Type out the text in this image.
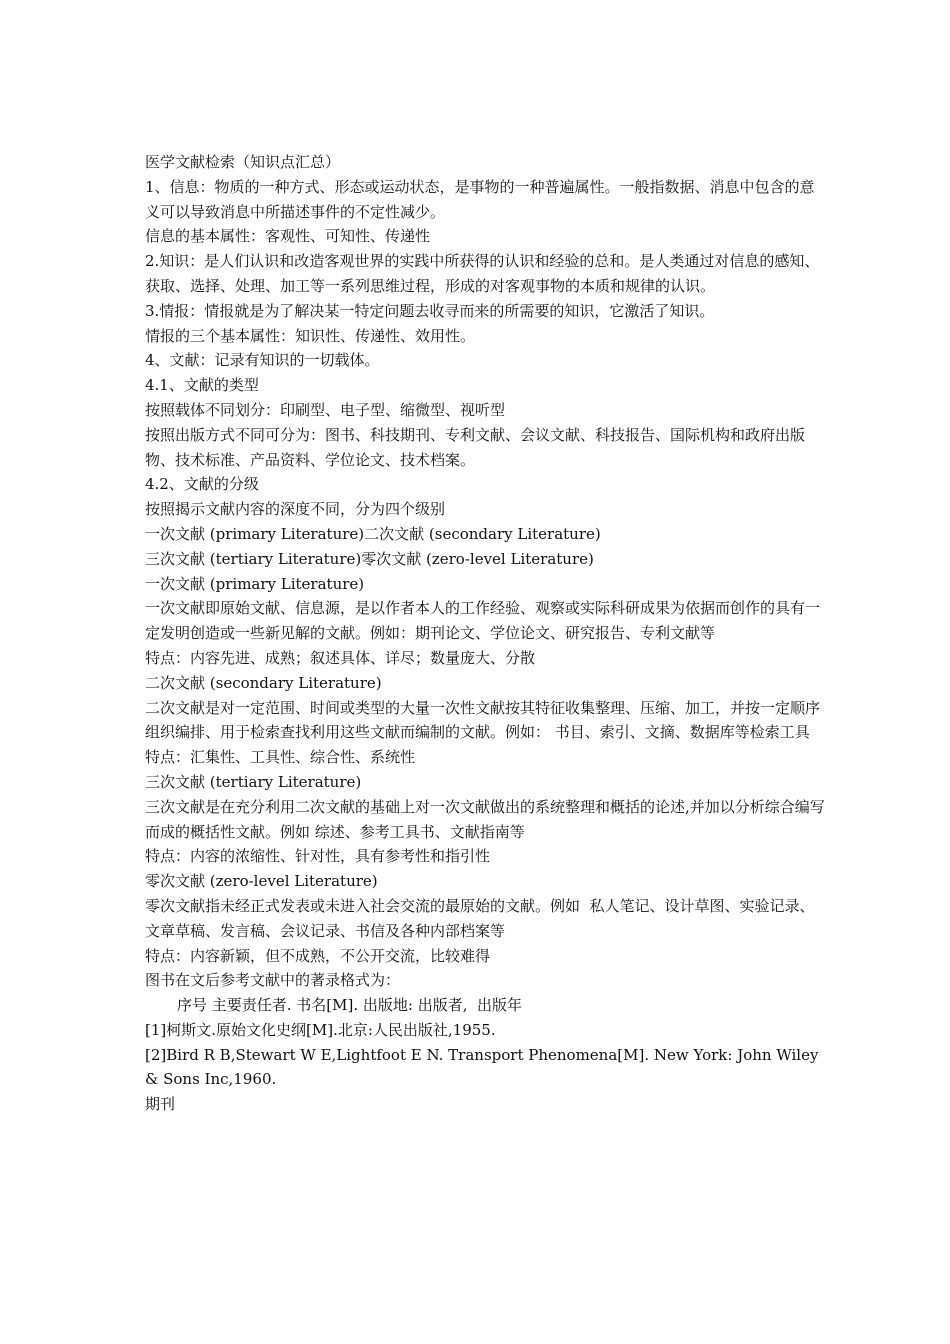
医学文献检索（知识点汇总）

1、信息：物质的一种方式、形态或运动状态，是事物的一种普遍属性。一般指数据、消息中包含的意义可以导致消息中所描述事件的不定性减少。

信息的基本属性：客观性、可知性、传递性

2.知识：是人们认识和改造客观世界的实践中所获得的认识和经验的总和。是人类通过对信息的感知、获取、选择、处理、加工等一系列思维过程，形成的对客观事物的本质和规律的认识。

3.情报：情报就是为了解决某一特定问题去收寻而来的所需要的知识，它激活了知识。

情报的三个基本属性：知识性、传递性、效用性。

4、文献：记录有知识的一切载体。

4.1、文献的类型

按照载体不同划分：印刷型、电子型、缩微型、视听型

按照出版方式不同可分为：图书、科技期刊、专利文献、会议文献、科技报告、国际机构和政府出版物、技术标准、产品资料、学位论文、技术档案。

4.2、文献的分级

按照揭示文献内容的深度不同，分为四个级别

一次文献 (primary Literature)二次文献 (secondary Literature)

三次文献 (tertiary Literature)零次文献 (zero-level Literature)

一次文献 (primary Literature)

一次文献即原始文献、信息源，是以作者本人的工作经验、观察或实际科研成果为依据而创作的具有一定发明创造或一些新见解的文献。例如：期刊论文、学位论文、研究报告、专利文献等

特点：内容先进、成熟；叙述具体、详尽；数量庞大、分散

二次文献 (secondary Literature)

二次文献是对一定范围、时间或类型的大量一次性文献按其特征收集整理、压缩、加工，并按一定顺序组织编排、用于检索查找利用这些文献而编制的文献。例如： 书目、索引、文摘、数据库等检索工具

特点：汇集性、工具性、综合性、系统性

三次文献 (tertiary Literature)

三次文献是在充分利用二次文献的基础上对一次文献做出的系统整理和概括的论述,并加以分析综合编写而成的概括性文献。例如 综述、参考工具书、文献指南等

特点：内容的浓缩性、针对性，具有参考性和指引性

零次文献 (zero-level Literature)

零次文献指未经正式发表或未进入社会交流的最原始的文献。例如  私人笔记、设计草图、实验记录、文章草稿、发言稿、会议记录、书信及各种内部档案等

特点：内容新颖，但不成熟，不公开交流，比较难得

图书在文后参考文献中的著录格式为：

序号 主要责任者. 书名[M]. 出版地: 出版者,  出版年

[1]柯斯文.原始文化史纲[M].北京:人民出版社,1955.

[2]Bird R B,Stewart W E,Lightfoot E N. Transport Phenomena[M]. New York: John Wiley & Sons Inc,1960.

期刊
